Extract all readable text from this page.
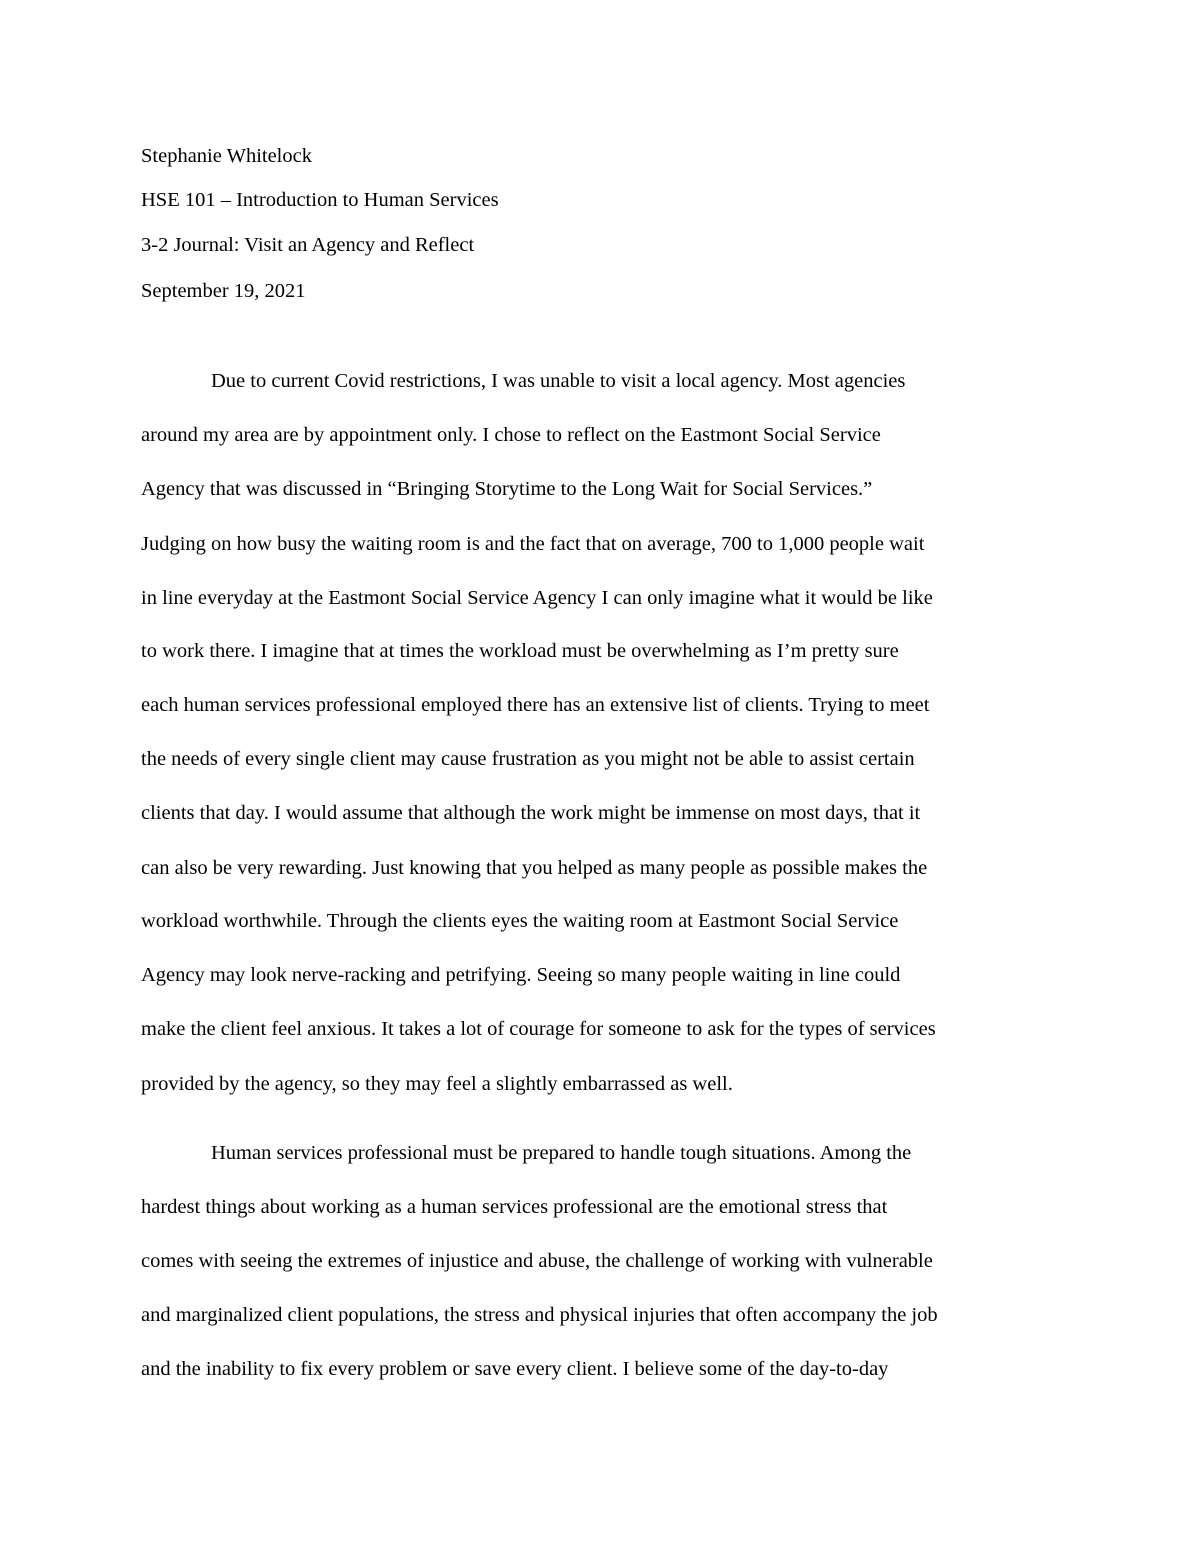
Stephanie Whitelock

HSE 101 – Introduction to Human Services

3-2 Journal: Visit an Agency and Reflect

September 19, 2021

Due to current Covid restrictions, I was unable to visit a local agency. Most agencies

around my area are by appointment only. I chose to reflect on the Eastmont Social Service

Agency that was discussed in “Bringing Storytime to the Long Wait for Social Services.”

Judging on how busy the waiting room is and the fact that on average, 700 to 1,000 people wait

in line everyday at the Eastmont Social Service Agency I can only imagine what it would be like

to work there. I imagine that at times the workload must be overwhelming as I’m pretty sure

each human services professional employed there has an extensive list of clients. Trying to meet

the needs of every single client may cause frustration as you might not be able to assist certain

clients that day. I would assume that although the work might be immense on most days, that it

can also be very rewarding. Just knowing that you helped as many people as possible makes the

workload worthwhile. Through the clients eyes the waiting room at Eastmont Social Service

Agency may look nerve-racking and petrifying. Seeing so many people waiting in line could

make the client feel anxious. It takes a lot of courage for someone to ask for the types of services

provided by the agency, so they may feel a slightly embarrassed as well.

Human services professional must be prepared to handle tough situations. Among the

hardest things about working as a human services professional are the emotional stress that

comes with seeing the extremes of injustice and abuse, the challenge of working with vulnerable

and marginalized client populations, the stress and physical injuries that often accompany the job

and the inability to fix every problem or save every client. I believe some of the day-to-day
